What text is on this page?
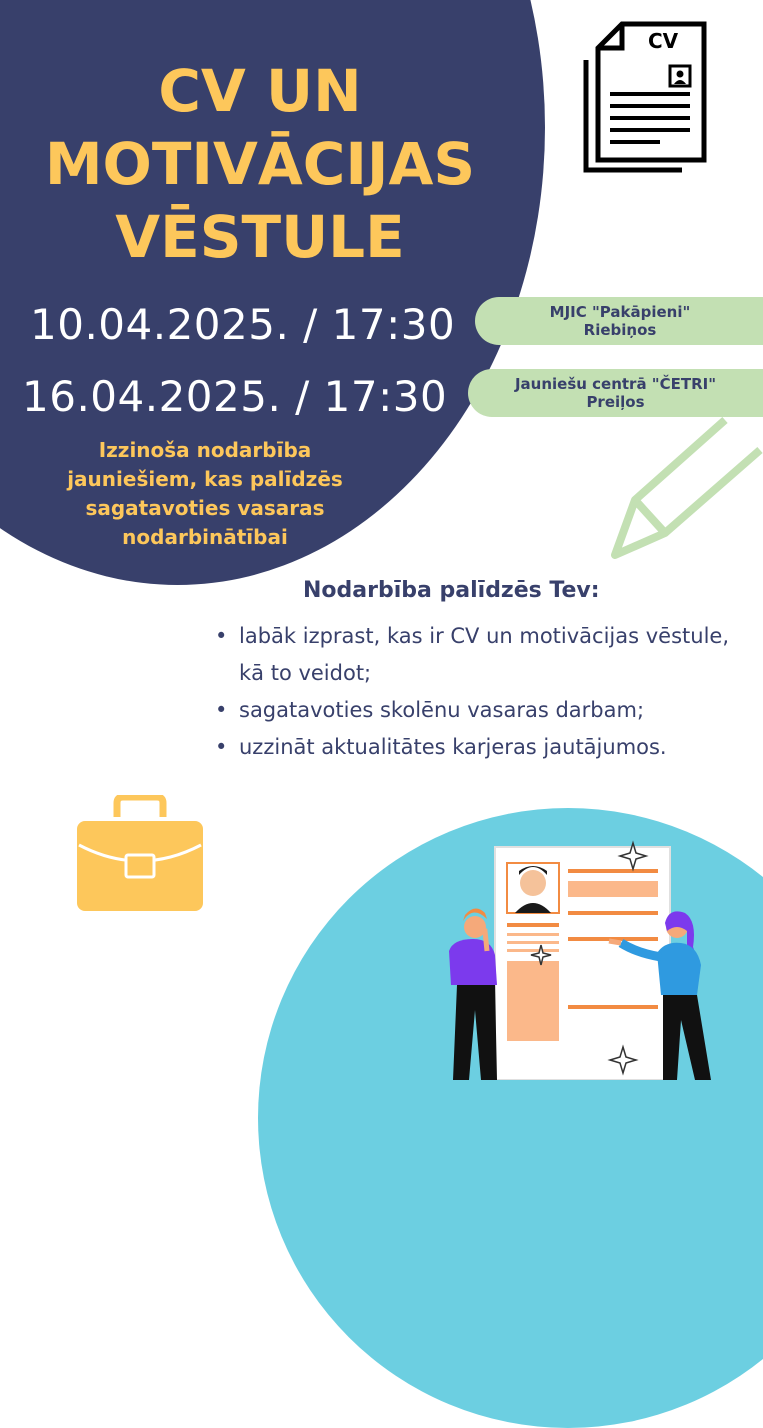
CV UN
MOTIVĀCIJAS
VĒSTULE
10.04.2025. / 17:30	MJIC "Pakāpieni"
Riebiņos
16.04.2025. / 17:30	Jauniešu centrā "ČETRI"
Preiļos
Izzinoša nodarbība
jauniešiem, kas palīdzēs
sagatavoties vasaras
nodarbinātībai
CV
Nodarbība palīdzēs Tev:
• labāk izprast, kas ir CV un motivācijas vēstule, kā to veidot;
• sagatavoties skolēnu vasaras darbam;
• uzzināt aktualitātes karjeras jautājumos.
